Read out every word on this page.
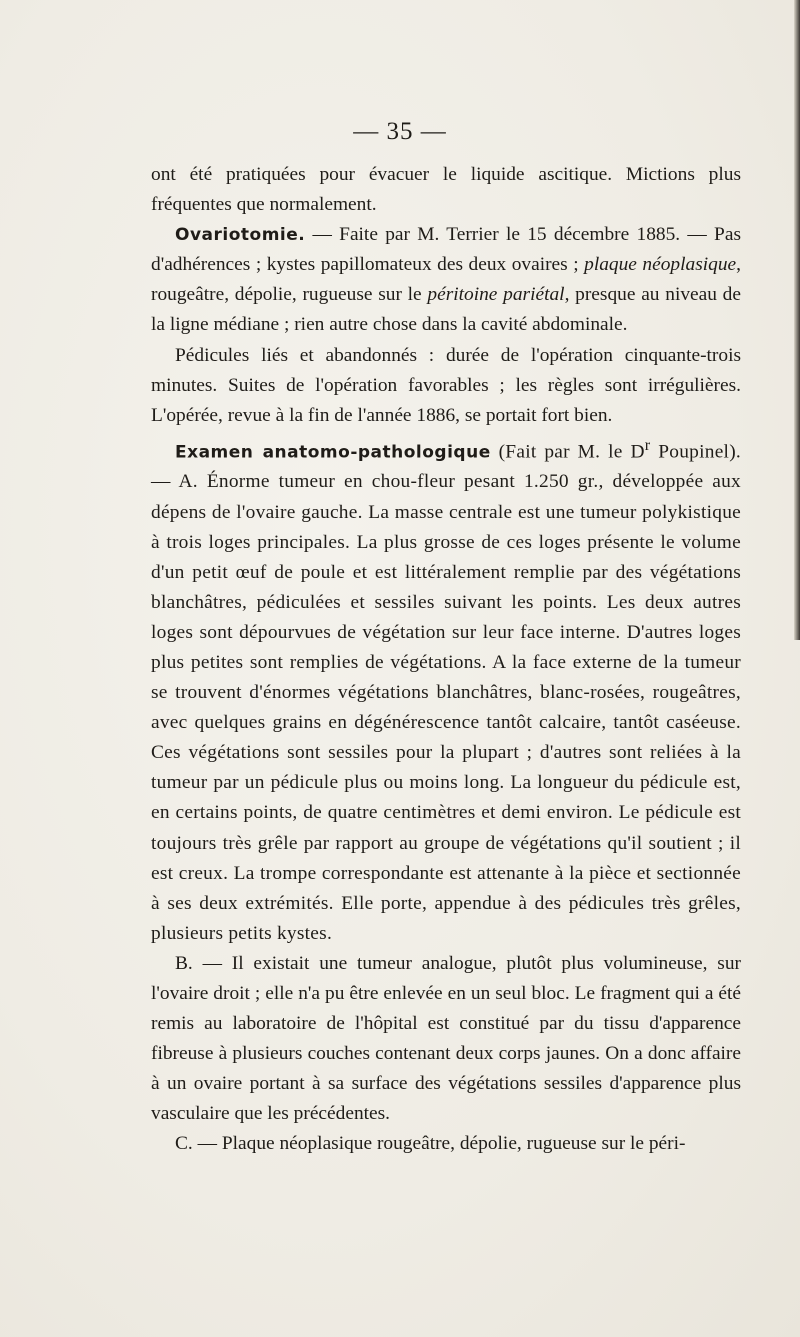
— 35 —

ont été pratiquées pour évacuer le liquide ascitique. Mictions plus fréquentes que normalement.

Ovariotomie. — Faite par M. Terrier le 15 décembre 1885. — Pas d'adhérences ; kystes papillomateux des deux ovaires ; plaque néoplasique, rougeâtre, dépolie, rugueuse sur le péritoine pariétal, presque au niveau de la ligne médiane ; rien autre chose dans la cavité abdominale.

Pédicules liés et abandonnés : durée de l'opération cinquante-trois minutes. Suites de l'opération favorables ; les règles sont irrégulières. L'opérée, revue à la fin de l'année 1886, se portait fort bien.

Examen anatomo-pathologique (Fait par M. le $D^r$ Poupinel). — A. Énorme tumeur en chou-fleur pesant 1.250 gr., développée aux dépens de l'ovaire gauche. La masse centrale est une tumeur polykistique à trois loges principales. La plus grosse de ces loges présente le volume d'un petit œuf de poule et est littéralement remplie par des végétations blanchâtres, pédiculées et sessiles suivant les points. Les deux autres loges sont dépourvues de végétation sur leur face interne. D'autres loges plus petites sont remplies de végétations. A la face externe de la tumeur se trouvent d'énormes végétations blanchâtres, blanc-rosées, rougeâtres, avec quelques grains en dégénérescence tantôt calcaire, tantôt caséeuse. Ces végétations sont sessiles pour la plupart ; d'autres sont reliées à la tumeur par un pédicule plus ou moins long. La longueur du pédicule est, en certains points, de quatre centimètres et demi environ. Le pédicule est toujours très grêle par rapport au groupe de végétations qu'il soutient ; il est creux. La trompe correspondante est attenante à la pièce et sectionnée à ses deux extrémités. Elle porte, appendue à des pédicules très grêles, plusieurs petits kystes.

B. — Il existait une tumeur analogue, plutôt plus volumineuse, sur l'ovaire droit ; elle n'a pu être enlevée en un seul bloc. Le fragment qui a été remis au laboratoire de l'hôpital est constitué par du tissu d'apparence fibreuse à plusieurs couches contenant deux corps jaunes. On a donc affaire à un ovaire portant à sa surface des végétations sessiles d'apparence plus vasculaire que les précédentes.

C. — Plaque néoplasique rougeâtre, dépolie, rugueuse sur le péri-
